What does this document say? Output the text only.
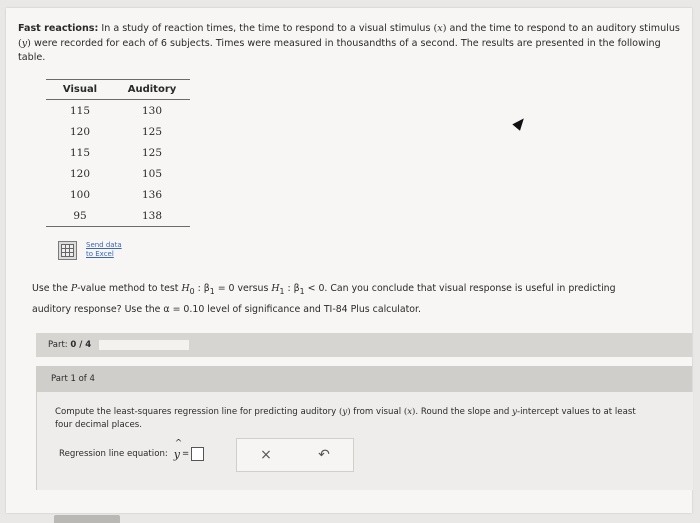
Fast reactions: In a study of reaction times, the time to respond to a visual stimulus (x) and the time to respond to an auditory stimulus (y) were recorded for each of 6 subjects. Times were measured in thousandths of a second. The results are presented in the following table.
Visual	Auditory
115	130
120	125
115	125
120	105
100	136
95	138
Send data
to Excel
Use the P-value method to test $H_0$ : $\beta_1 = 0$ versus $H_1$ : $\beta_1 < 0$. Can you conclude that visual response is useful in predicting
auditory response? Use the α = 0.10 level of significance and TI-84 Plus calculator.
Part: 0 / 4
Part 1 of 4
Compute the least-squares regression line for predicting auditory (y) from visual (x). Round the slope and y-intercept values to at least four decimal places.
Regression line equation: ^ y =	×	↶
